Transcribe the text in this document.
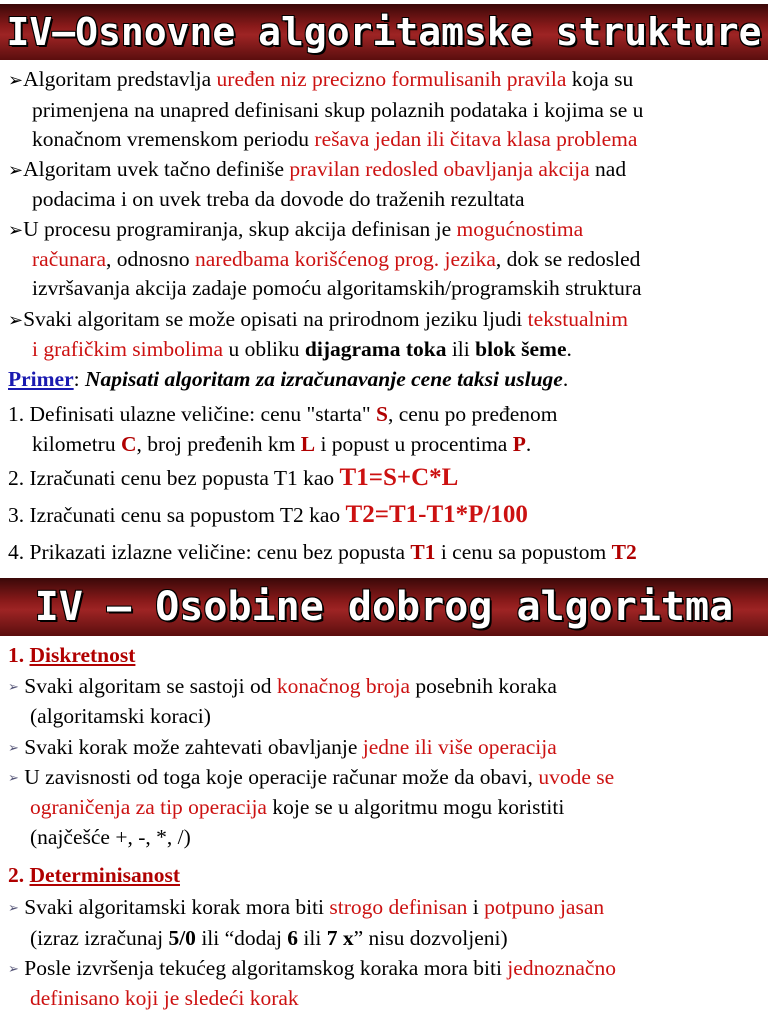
IV–Osnovne algoritamske strukture
➢Algoritam predstavlja uređen niz precizno formulisanih pravila koja su
primenjena na unapred definisani skup polaznih podataka i kojima se u
konačnom vremenskom periodu rešava jedan ili čitava klasa problema
➢Algoritam uvek tačno definiše pravilan redosled obavljanja akcija nad
podacima i on uvek treba da dovode do traženih rezultata
➢U procesu programiranja, skup akcija definisan je mogućnostima
računara, odnosno naredbama korišćenog prog. jezika, dok se redosled
izvršavanja akcija zadaje pomoću algoritamskih/programskih struktura
➢Svaki algoritam se može opisati na prirodnom jeziku ljudi tekstualnim
i grafičkim simbolima u obliku dijagrama toka ili blok šeme.
Primer: Napisati algoritam za izračunavanje cene taksi usluge.
1. Definisati ulazne veličine: cenu "starta" S, cenu po pređenom
kilometru C, broj pređenih km L i popust u procentima P.
2. Izračunati cenu bez popusta T1 kao T1=S+C*L
3. Izračunati cenu sa popustom T2 kao T2=T1-T1*P/100
4. Prikazati izlazne veličine: cenu bez popusta T1 i cenu sa popustom T2
IV – Osobine dobrog algoritma
1. Diskretnost
➢ Svaki algoritam se sastoji od konačnog broja posebnih koraka
(algoritamski koraci)
➢ Svaki korak može zahtevati obavljanje jedne ili više operacija
➢ U zavisnosti od toga koje operacije računar može da obavi, uvode se
ograničenja za tip operacija koje se u algoritmu mogu koristiti
(najčešće +, -, *, /)
2. Determinisanost
➢ Svaki algoritamski korak mora biti strogo definisan i potpuno jasan
(izraz izračunaj 5/0 ili “dodaj 6 ili 7 x” nisu dozvoljeni)
➢ Posle izvršenja tekućeg algoritamskog koraka mora biti jednoznačno
definisano koji je sledeći korak
